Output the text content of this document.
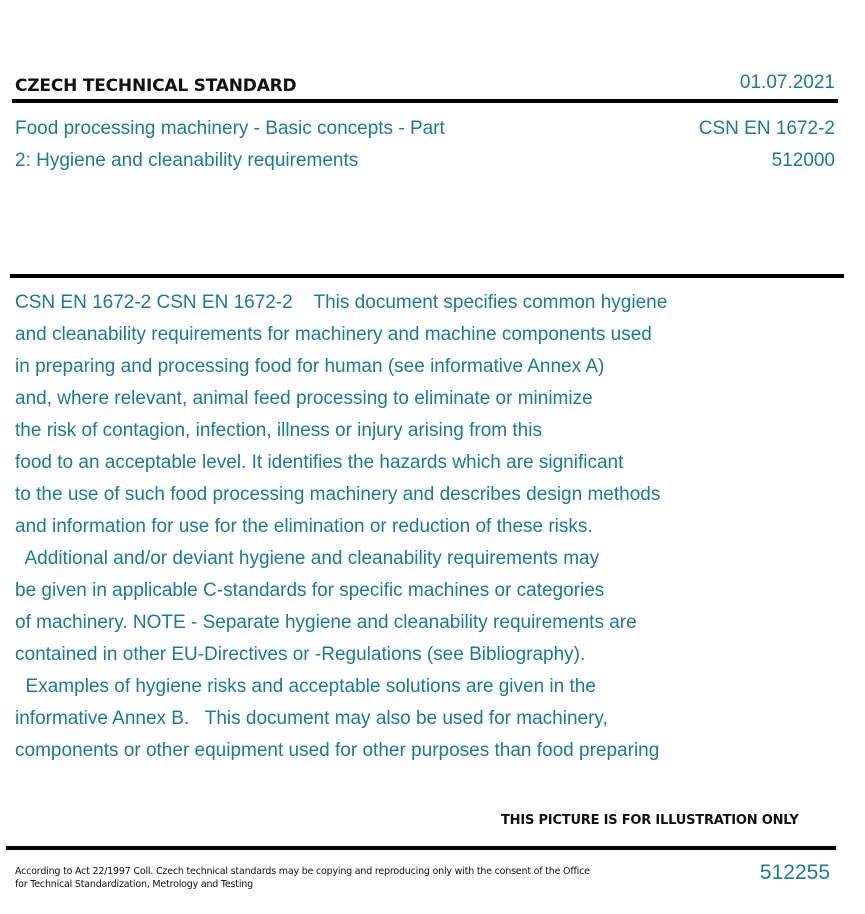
CZECH TECHNICAL STANDARD	01.07.2021
Food processing machinery - Basic concepts - Part
2: Hygiene and cleanability requirements
CSN EN 1672-2
512000
CSN EN 1672-2 CSN EN 1672-2    This document specifies common hygiene
and cleanability requirements for machinery and machine components used
in preparing and processing food for human (see informative Annex A)
and, where relevant, animal feed processing to eliminate or minimize
the risk of contagion, infection, illness or injury arising from this
food to an acceptable level. It identifies the hazards which are significant
to the use of such food processing machinery and describes design methods
and information for use for the elimination or reduction of these risks.
Additional and/or deviant hygiene and cleanability requirements may
be given in applicable C-standards for specific machines or categories
of machinery. NOTE - Separate hygiene and cleanability requirements are
contained in other EU-Directives or -Regulations (see Bibliography).
Examples of hygiene risks and acceptable solutions are given in the
informative Annex B.   This document may also be used for machinery,
components or other equipment used for other purposes than food preparing
THIS PICTURE IS FOR ILLUSTRATION ONLY
According to Act 22/1997 Coll. Czech technical standards may be copying and reproducing only with the consent of the Office
for Technical Standardization, Metrology and Testing
512255
